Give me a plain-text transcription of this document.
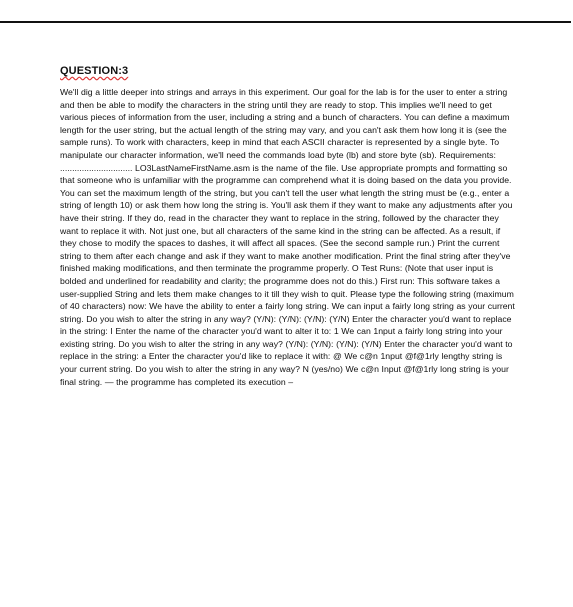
QUESTION:3

We'll dig a little deeper into strings and arrays in this experiment. Our goal for the lab is for the user to enter a string and then be able to modify the characters in the string until they are ready to stop. This implies we'll need to get various pieces of information from the user, including a string and a bunch of characters. You can define a maximum length for the user string, but the actual length of the string may vary, and you can't ask them how long it is (see the sample runs). To work with characters, keep in mind that each ASCII character is represented by a single byte. To manipulate our character information, we'll need the commands load byte (lb) and store byte (sb). Requirements: .............................. LO3LastNameFirstName.asm is the name of the file. Use appropriate prompts and formatting so that someone who is unfamiliar with the programme can comprehend what it is doing based on the data you provide. You can set the maximum length of the string, but you can't tell the user what length the string must be (e.g., enter a string of length 10) or ask them how long the string is. You'll ask them if they want to make any adjustments after you have their string. If they do, read in the character they want to replace in the string, followed by the character they want to replace it with. Not just one, but all characters of the same kind in the string can be affected. As a result, if they chose to modify the spaces to dashes, it will affect all spaces. (See the second sample run.) Print the current string to them after each change and ask if they want to make another modification. Print the final string after they've finished making modifications, and then terminate the programme properly. O Test Runs: (Note that user input is bolded and underlined for readability and clarity; the programme does not do this.) First run: This software takes a user-supplied String and lets them make changes to it till they wish to quit. Please type the following string (maximum of 40 characters) now: We have the ability to enter a fairly long string. We can input a fairly long string as your current string. Do you wish to alter the string in any way? (Y/N): (Y/N): (Y/N): (Y/N) Enter the character you'd want to replace in the string: I Enter the name of the character you'd want to alter it to: 1 We can 1nput a fairly long string into your existing string. Do you wish to alter the string in any way? (Y/N): (Y/N): (Y/N): (Y/N) Enter the character you'd want to replace in the string: a Enter the character you'd like to replace it with: @ We c@n 1nput @f@1rly lengthy string is your current string. Do you wish to alter the string in any way? N (yes/no) We c@n Input @f@1rly long string is your final string. — the programme has completed its execution –
